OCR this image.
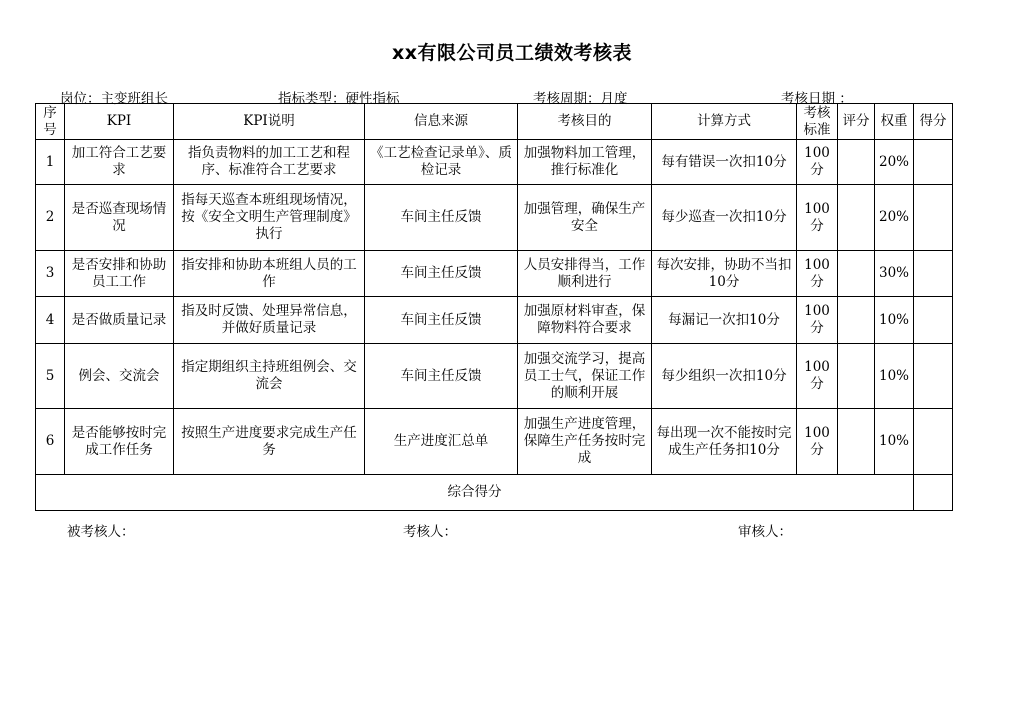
xx有限公司员工绩效考核表
岗位：主变班组长	指标类型：硬性指标	考核周期：月度	考核日期 ：
序号	KPI	KPI说明	信息来源	考核目的	计算方式	考核标准	评分	权重	得分
1	加工符合工艺要求	指负责物料的加工工艺和程序、标准符合工艺要求	《工艺检查记录单》、质检记录	加强物料加工管理，推行标准化	每有错误一次扣10分	100分		20%	
2	是否巡查现场情况	指每天巡查本班组现场情况，按《安全文明生产管理制度》执行	车间主任反馈	加强管理，确保生产安全	每少巡查一次扣10分	100分		20%	
3	是否安排和协助员工工作	指安排和协助本班组人员的工作	车间主任反馈	人员安排得当，工作顺利进行	每次安排，协助不当扣10分	100分		30%	
4	是否做质量记录	指及时反馈、处理异常信息，并做好质量记录	车间主任反馈	加强原材料审查，保障物料符合要求	每漏记一次扣10分	100分		10%	
5	例会、交流会	指定期组织主持班组例会、交流会	车间主任反馈	加强交流学习，提高员工士气，保证工作的顺利开展	每少组织一次扣10分	100分		10%	
6	是否能够按时完成工作任务	按照生产进度要求完成生产任务	生产进度汇总单	加强生产进度管理，保障生产任务按时完成	每出现一次不能按时完成生产任务扣10分	100分		10%	
综合得分									
被考核人：	考核人：	审核人：
